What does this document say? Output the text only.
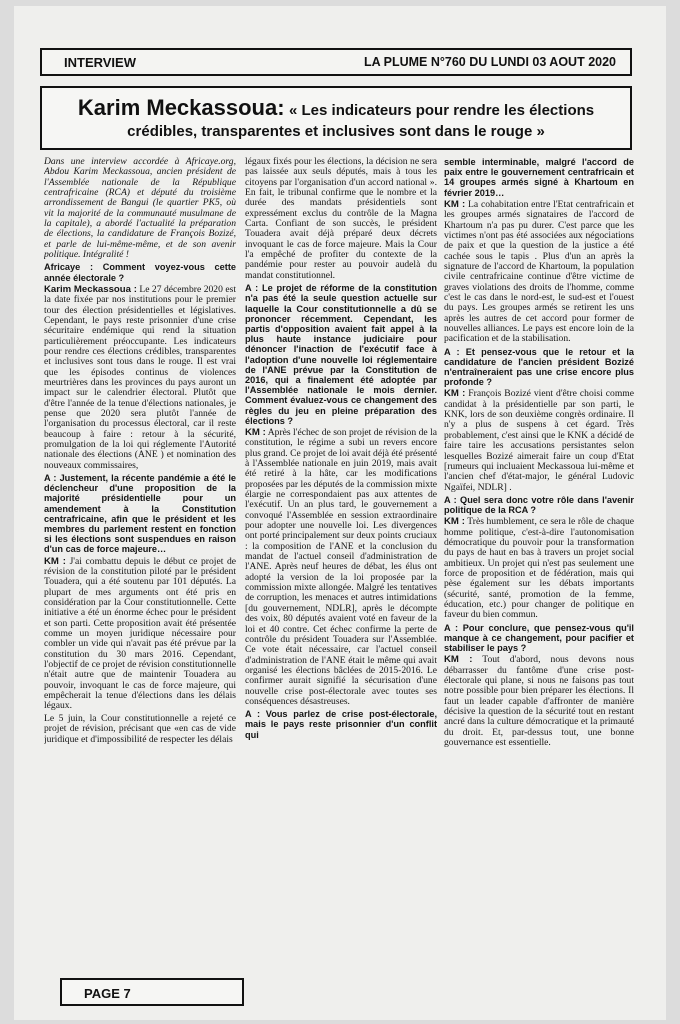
INTERVIEW	LA PLUME N°760 DU LUNDI 03 AOUT 2020
Karim Meckassoua: « Les indicateurs pour rendre les élections
crédibles, transparentes et inclusives sont dans le rouge »

Dans une interview accordée à Africaye.org, Abdou Karim Meckassoua, ancien président de l'Assemblée nationale de la République centrafricaine (RCA) et député du troisième arrondissement de Bangui (le quartier PK5, où vit la majorité de la communauté musulmane de la capitale), a abordé l'actualité la préparation de élections, la candidature de François Bozizé, et parle de lui-même-même, et de son avenir politique. Intégralité !

Africaye : Comment voyez-vous cette année électorale ?

Karim Meckassoua : Le 27 décembre 2020 est la date fixée par nos institutions pour le premier tour des élection présidentielles et législatives. Cependant, le pays reste prisonnier d'une crise sécuritaire endémique qui rend la situation particulièrement préoccupante. Les indicateurs pour rendre ces élections crédibles, transparentes et inclusives sont tous dans le rouge. Il est vrai que les épisodes continus de violences meurtrières dans les provinces du pays auront un impact sur le calendrier électoral. Plutôt que d'être l'année de la tenue d'élections nationales, je pense que 2020 sera plutôt l'année de l'organisation du processus électoral, car il reste beaucoup à faire : retour à la sécurité, promulgation de la loi qui réglemente l'Autorité nationale des élections (ANE ) et nomination des nouveaux commissaires,

A : Justement, la récente pandémie a été le déclencheur d'une proposition de la majorité présidentielle pour un amendement à la Constitution centrafricaine, afin que le président et les membres du parlement restent en fonction si les élections sont suspendues en raison d'un cas de force majeure…

KM : J'ai combattu depuis le début ce projet de révision de la constitution piloté par le président Touadera, qui a été soutenu par 101 députés. La plupart de mes arguments ont été pris en considération par la Cour constitutionnelle. Cette initiative a été un énorme échec pour le président et son parti. Cette proposition avait été présentée comme un moyen juridique nécessaire pour combler un vide qui n'avait pas été prévue par la constitution du 30 mars 2016. Cependant, l'objectif de ce projet de révision constitutionnelle n'était autre que de maintenir Touadera au pouvoir, invoquant le cas de force majeure, qui empêcherait la tenue d'élections dans les délais légaux.

Le 5 juin, la Cour constitutionnelle a rejeté ce projet de révision, précisant que «en cas de vide juridique et d'impossibilité de respecter les délais

légaux fixés pour les élections, la décision ne sera pas laissée aux seuls députés, mais à tous les citoyens par l'organisation d'un accord national ». En fait, le tribunal confirme que le nombre et la durée des mandats présidentiels sont expressément exclus du contrôle de la Magna Carta. Confiant de son succès, le président Touadera avait déjà préparé deux décrets invoquant le cas de force majeure. Mais la Cour l'a empêché de profiter du contexte de la pandémie pour rester au pouvoir audelà du mandat constitutionnel.

A : Le projet de réforme de la constitution n'a pas été la seule question actuelle sur laquelle la Cour constitutionnelle a dû se prononcer récemment. Cependant, les partis d'opposition avaient fait appel à la plus haute instance judiciaire pour dénoncer l'inaction de l'exécutif face à l'adoption d'une nouvelle loi réglementaire de l'ANE prévue par la Constitution de 2016, qui a finalement été adoptée par l'Assemblée nationale le mois dernier. Comment évaluez-vous ce changement des règles du jeu en pleine préparation des élections ?

KM : Après l'échec de son projet de révision de la constitution, le régime a subi un revers encore plus grand. Ce projet de loi avait déjà été présenté à l'Assemblée nationale en juin 2019, mais avait été retiré à la hâte, car les modifications proposées par les députés de la commission mixte élargie ne correspondaient pas aux attentes de l'exécutif. Un an plus tard, le gouvernement a convoqué l'Assemblée en session extraordinaire pour adopter une nouvelle loi. Les divergences ont porté principalement sur deux points cruciaux : la composition de l'ANE et la conclusion du mandat de l'actuel conseil d'administration de l'ANE. Après neuf heures de débat, les élus ont adopté la version de la loi proposée par la commission mixte allongée. Malgré les tentatives de corruption, les menaces et autres intimidations [du gouvernement, NDLR], après le décompte des voix, 80 députés avaient voté en faveur de la loi et 40 contre. Cet échec confirme la perte de contrôle du président Touadera sur l'Assemblée. Ce vote était nécessaire, car l'actuel conseil d'administration de l'ANE était le même qui avait organisé les élections bâclées de 2015-2016. Le confirmer aurait signifié la sécurisation d'une nouvelle crise post-électorale avec toutes ses conséquences désastreuses.

A : Vous parlez de crise post-électorale, mais le pays reste prisonnier d'un conflit qui

semble interminable, malgré l'accord de paix entre le gouvernement centrafricain et 14 groupes armés signé à Khartoum en février 2019…

KM : La cohabitation entre l'Etat centrafricain et les groupes armés signataires de l'accord de Khartoum n'a pas pu durer. C'est parce que les victimes n'ont pas été associées aux négociations de paix et que la question de la justice a été cachée sous le tapis . Plus d'un an après la signature de l'accord de Khartoum, la population civile centrafricaine continue d'être victime de graves violations des droits de l'homme, comme c'est le cas dans le nord-est, le sud-est et l'ouest du pays. Les groupes armés se retirent les uns après les autres de cet accord pour former de nouvelles alliances. Le pays est encore loin de la pacification et de la stabilisation.

A : Et pensez-vous que le retour et la candidature de l'ancien président Bozizé n'entraîneraient pas une crise encore plus profonde ?

KM : François Bozizé vient d'être choisi comme candidat à la présidentielle par son parti, le KNK, lors de son deuxième congrès ordinaire. Il n'y a plus de suspens à cet égard. Très probablement, c'est ainsi que le KNK a décidé de faire taire les accusations persistantes selon lesquelles Bozizé aimerait faire un coup d'Etat [rumeurs qui incluaient Meckassoua lui-même et l'ancien chef d'état-major, le général Ludovic Ngaïfei, NDLR] .

A : Quel sera donc votre rôle dans l'avenir politique de la RCA ?

KM : Très humblement, ce sera le rôle de chaque homme politique, c'est-à-dire l'autonomisation démocratique du pouvoir pour la transformation du pays de haut en bas à travers un projet social ambitieux. Un projet qui n'est pas seulement une force de proposition et de fédération, mais qui pèse également sur les débats importants (sécurité, santé, promotion de la femme, éducation, etc.) pour changer de politique en faveur du bien commun.

A : Pour conclure, que pensez-vous qu'il manque à ce changement, pour pacifier et stabiliser le pays ?

KM : Tout d'abord, nous devons nous débarrasser du fantôme d'une crise post-électorale qui plane, si nous ne faisons pas tout notre possible pour bien préparer les élections. Il faut un leader capable d'affronter de manière décisive la question de la sécurité tout en restant ancré dans la culture démocratique et la primauté du droit. Et, par-dessus tout, une bonne gouvernance est essentielle.

PAGE 7
